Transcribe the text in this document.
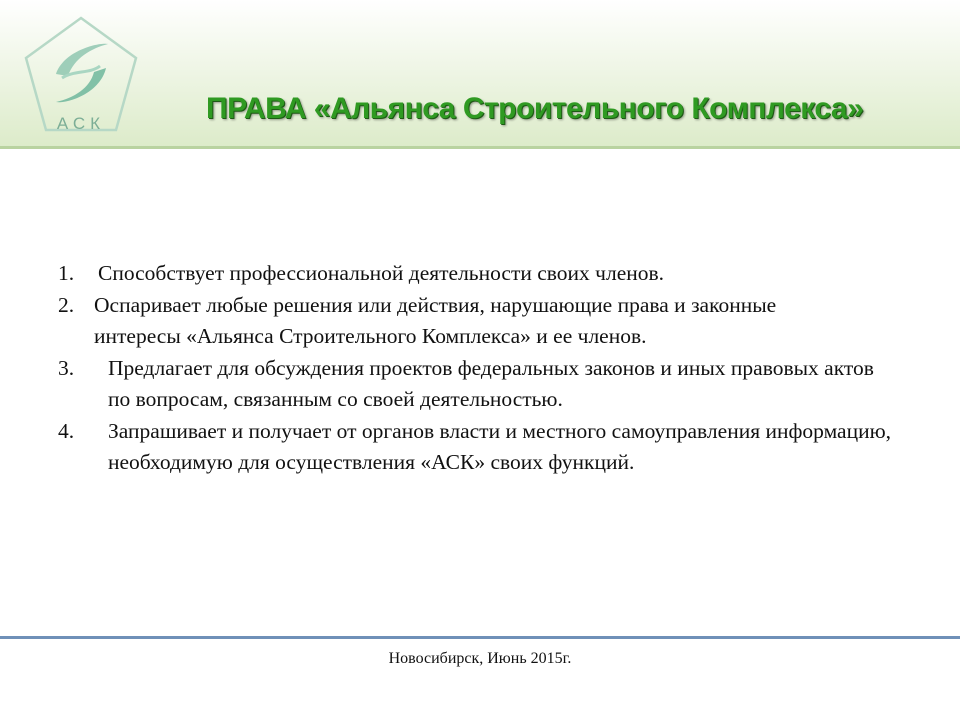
АСК	ПРАВА «Альянса Строительного Комплекса»
1.	Способствует профессиональной деятельности своих членов.
2. Оспаривает любые решения или действия, нарушающие права и законные интересы «Альянса Строительного Комплекса» и ее членов.
3.	Предлагает для обсуждения проектов федеральных законов и иных правовых актов по вопросам, связанным со своей деятельностью.
4.	Запрашивает и получает от органов власти и местного самоуправления информацию, необходимую для осуществления «АСК» своих функций.
Новосибирск, Июнь 2015г.
